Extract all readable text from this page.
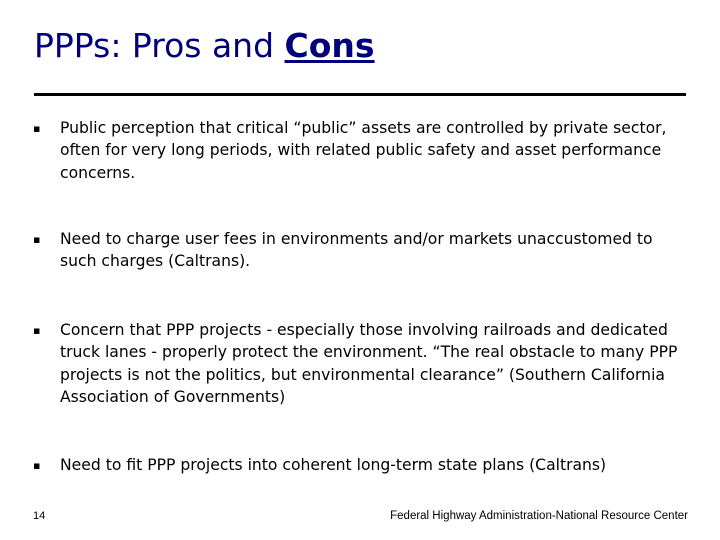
PPPs: Pros and Cons
▪	Public perception that critical “public” assets are controlled by private sector, often for very long periods, with related public safety and asset performance concerns.
▪	Need to charge user fees in environments and/or markets unaccustomed to such charges (Caltrans).
▪	Concern that PPP projects - especially those involving railroads and dedicated truck lanes - properly protect the environment. “The real obstacle to many PPP projects is not the politics, but environmental clearance” (Southern California Association of Governments)
▪	Need to fit PPP projects into coherent long-term state plans (Caltrans)
14	Federal Highway Administration-National Resource Center
